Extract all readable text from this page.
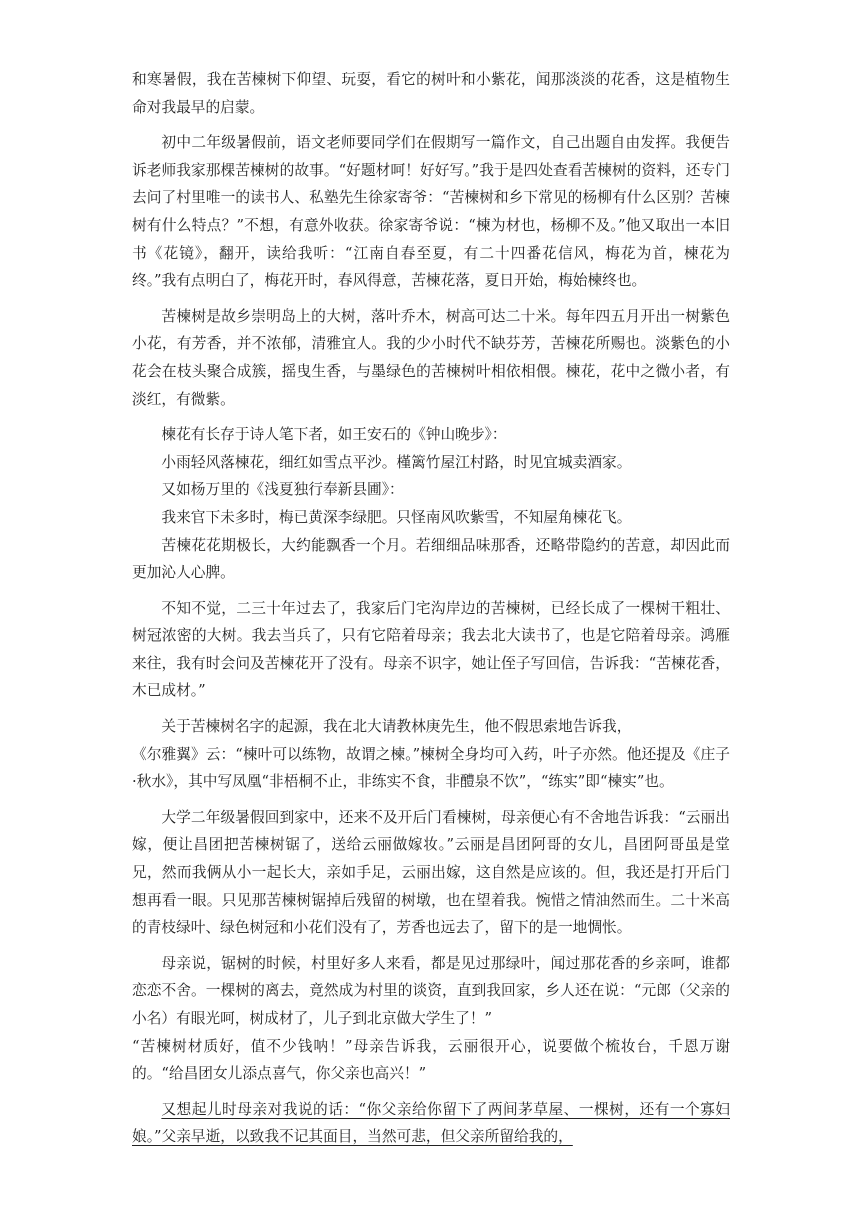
和寒暑假，我在苦楝树下仰望、玩耍，看它的树叶和小紫花，闻那淡淡的花香，这是植物生命对我最早的启蒙。

初中二年级暑假前，语文老师要同学们在假期写一篇作文，自己出题自由发挥。我便告诉老师我家那棵苦楝树的故事。“好题材呵！好好写。”我于是四处查看苦楝树的资料，还专门去问了村里唯一的读书人、私塾先生徐家寄爷：“苦楝树和乡下常见的杨柳有什么区别？苦楝树有什么特点？”不想，有意外收获。徐家寄爷说：“楝为材也，杨柳不及。”他又取出一本旧书《花镜》，翻开，读给我听：“江南自春至夏，有二十四番花信风，梅花为首，楝花为终。”我有点明白了，梅花开时，春风得意，苦楝花落，夏日开始，梅始楝终也。

苦楝树是故乡崇明岛上的大树，落叶乔木，树高可达二十米。每年四五月开出一树紫色小花，有芳香，并不浓郁，清雅宜人。我的少小时代不缺芬芳，苦楝花所赐也。淡紫色的小花会在枝头聚合成簇，摇曳生香，与墨绿色的苦楝树叶相依相偎。楝花，花中之微小者，有淡红，有微紫。

楝花有长存于诗人笔下者，如王安石的《钟山晚步》：

小雨轻风落楝花，细红如雪点平沙。槿篱竹屋江村路，时见宜城卖酒家。

又如杨万里的《浅夏独行奉新县圃》：

我来官下未多时，梅已黄深李绿肥。只怪南风吹紫雪，不知屋角楝花飞。

苦楝花花期极长，大约能飘香一个月。若细细品味那香，还略带隐约的苦意，却因此而更加沁人心脾。

不知不觉，二三十年过去了，我家后门宅沟岸边的苦楝树，已经长成了一棵树干粗壮、树冠浓密的大树。我去当兵了，只有它陪着母亲；我去北大读书了，也是它陪着母亲。鸿雁来往，我有时会问及苦楝花开了没有。母亲不识字，她让侄子写回信，告诉我：“苦楝花香，木已成材。”

关于苦楝树名字的起源，我在北大请教林庚先生，他不假思索地告诉我，

《尔雅翼》云：“楝叶可以练物，故谓之楝。”楝树全身均可入药，叶子亦然。他还提及《庄子·秋水》，其中写凤凰“非梧桐不止，非练实不食，非醴泉不饮”，“练实”即“楝实”也。

大学二年级暑假回到家中，还来不及开后门看楝树，母亲便心有不舍地告诉我：“云丽出嫁，便让昌团把苦楝树锯了，送给云丽做嫁妆。”云丽是昌团阿哥的女儿，昌团阿哥虽是堂兄，然而我俩从小一起长大，亲如手足，云丽出嫁，这自然是应该的。但，我还是打开后门想再看一眼。只见那苦楝树锯掉后残留的树墩，也在望着我。惋惜之情油然而生。二十米高的青枝绿叶、绿色树冠和小花们没有了，芳香也远去了，留下的是一地惆怅。

母亲说，锯树的时候，村里好多人来看，都是见过那绿叶，闻过那花香的乡亲呵，谁都恋恋不舍。一棵树的离去，竟然成为村里的谈资，直到我回家，乡人还在说：“元郎（父亲的小名）有眼光呵，树成材了，儿子到北京做大学生了！”

“苦楝树材质好，值不少钱呐！”母亲告诉我，云丽很开心，说要做个梳妆台，千恩万谢的。“给昌团女儿添点喜气，你父亲也高兴！”

又想起儿时母亲对我说的话：“你父亲给你留下了两间茅草屋、一棵树，还有一个寡妇娘。”父亲早逝，以致我不记其面目，当然可悲，但父亲所留给我的，
